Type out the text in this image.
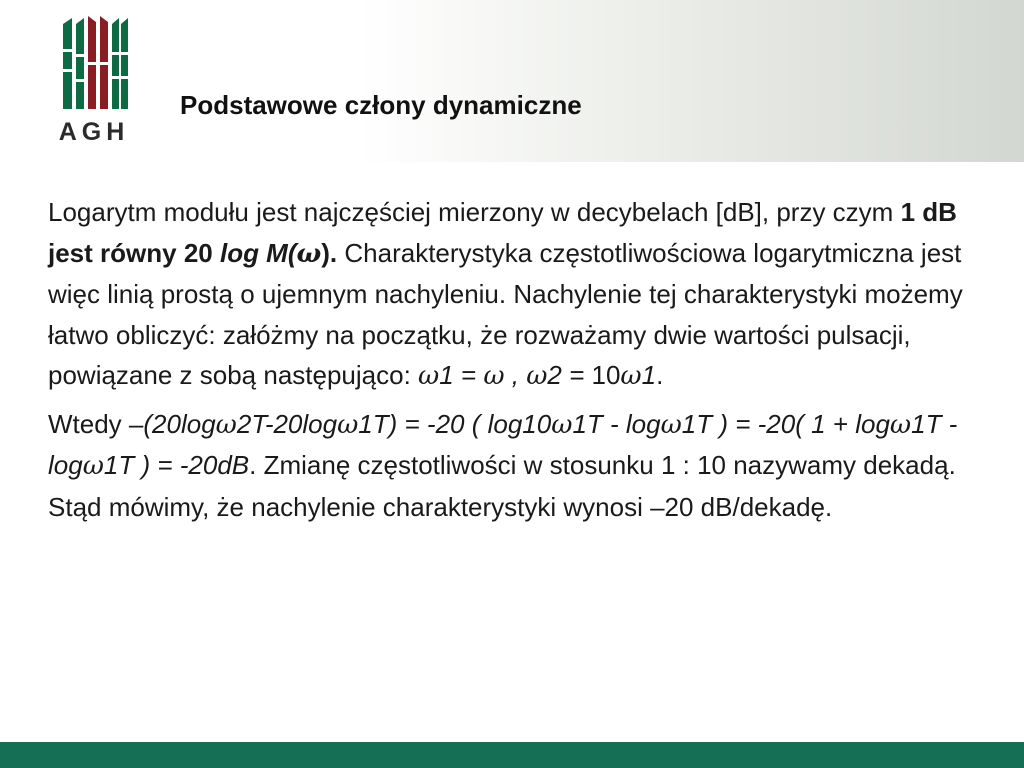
AGH
Podstawowe człony dynamiczne

Logarytm modułu jest najczęściej mierzony w decybelach [dB], przy czym 1 dB jest równy 20 log M(ω). Charakterystyka częstotliwościowa logarytmiczna jest więc linią prostą o ujemnym nachyleniu. Nachylenie tej charakterystyki możemy łatwo obliczyć: załóżmy na początku, że rozważamy dwie wartości pulsacji, powiązane z sobą następująco: ω1 = ω , ω2 = 10ω1.

Wtedy –(20logω2T-20logω1T) = -20 ( log10ω1T - logω1T ) = -20( 1 + logω1T - logω1T ) = -20dB. Zmianę częstotliwości w stosunku 1 : 10 nazywamy dekadą. Stąd mówimy, że nachylenie charakterystyki wynosi –20 dB/dekadę.
